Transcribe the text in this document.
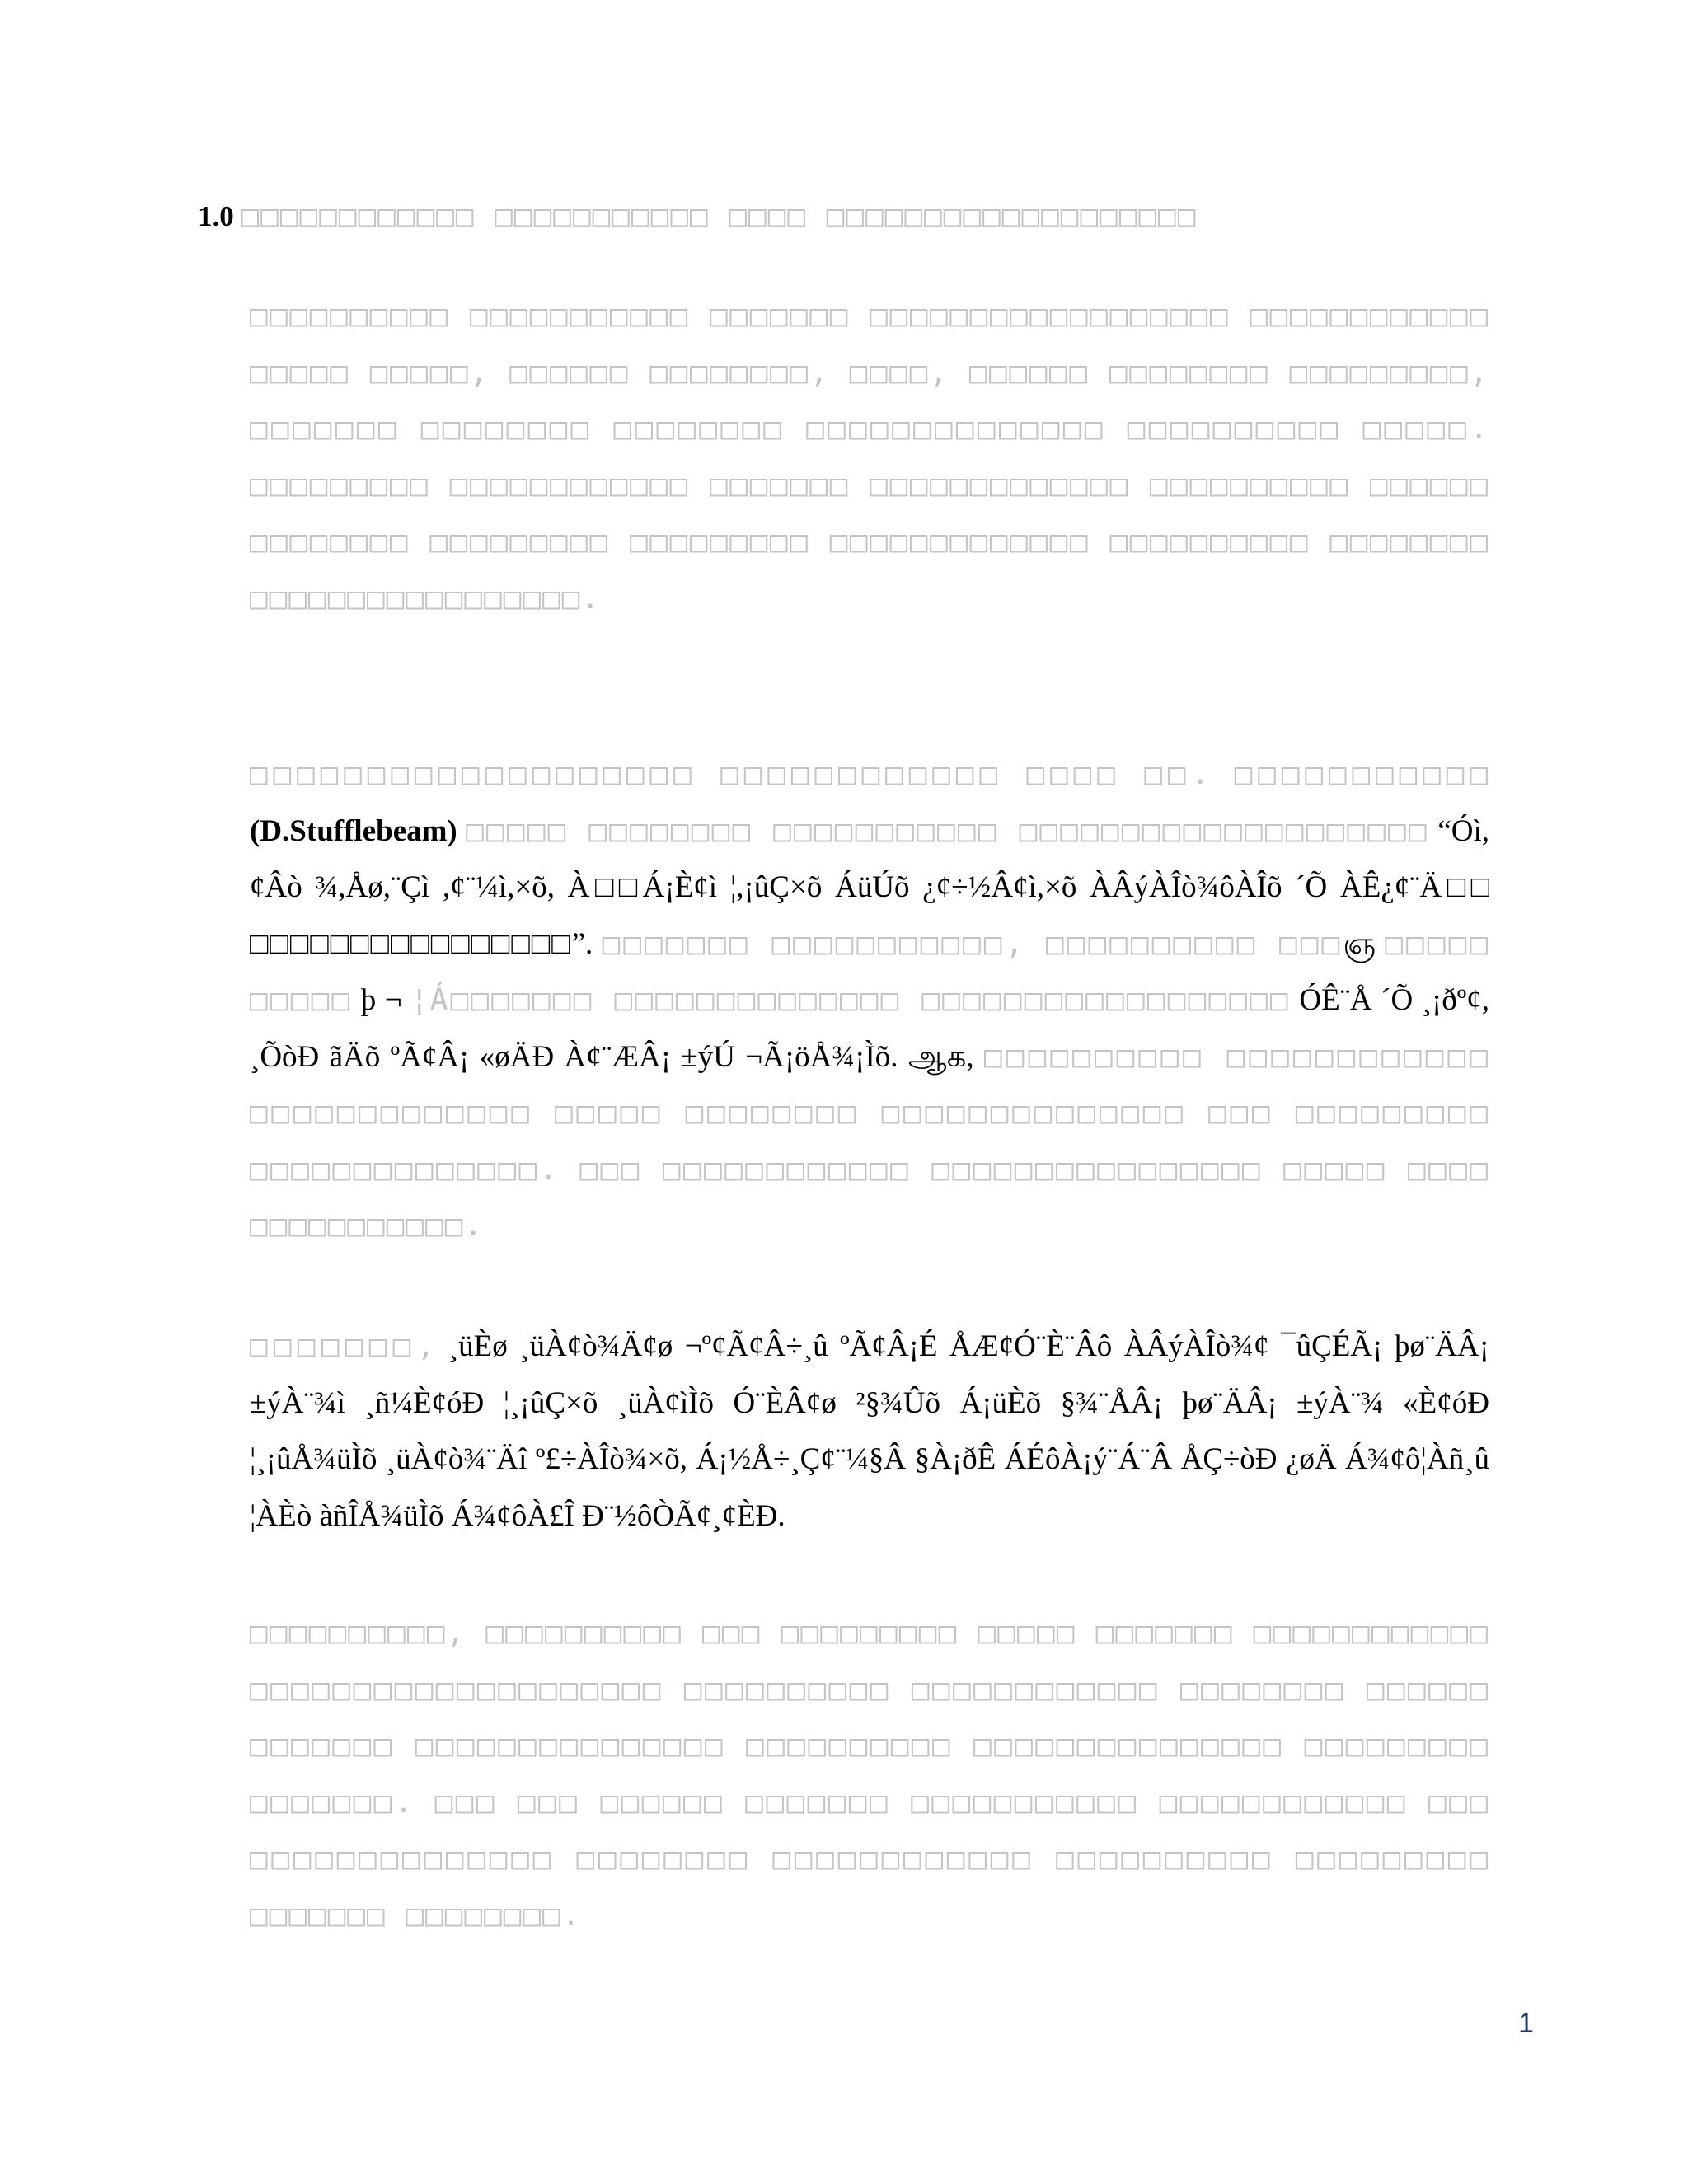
1.0 □□□□□□□□□□□□ □□□□□□□□□□□ □□□□ □□□□□□□□□□□□□□□□□□□

□□□□□□□□□□ □□□□□□□□□□□ □□□□□□□ □□□□□□□□□□□□□□□□□□ □□□□□□□□□□□□ □□□□□ □□□□□, □□□□□□ □□□□□□□□, □□□□, □□□□□□ □□□□□□□□ □□□□□□□□□, □□□□□□□ □□□□□□□□ □□□□□□□□ □□□□□□□□□□□□□□ □□□□□□□□□□ □□□□□. □□□□□□□□□ □□□□□□□□□□□□ □□□□□□□ □□□□□□□□□□□□□ □□□□□□□□□□ □□□□□□ □□□□□□□□ □□□□□□□□□ □□□□□□□□□ □□□□□□□□□□□□□ □□□□□□□□□□ □□□□□□□□ □□□□□□□□□□□□□□□□□.

□□□□□□□□□□□□□□□□□□□ □□□□□□□□□□□□ □□□□ □□. □□□□□□□□□□□ (D.Stufflebeam) □□□□□ □□□□□□□□ □□□□□□□□□□□ □□□□□□□□□□□□□□□□□□□□ “Óì,¢Âò ¾,Åø,¨Çì ,¢¨¼ì,×õ, À□□Á¡È¢ì ¦,¡ûÇ×õ ÁüÚõ ¿¢÷½Â¢ì,×õ ÀÂýÀÎò¾ôÀÎõ ´Õ ÀÊ¿¢¨Ä□□ □□□□□□□□□□□□□□□□”. □□□□□□□ □□□□□□□□□□□, □□□□□□□□□□ □□□ஞ □□□□□ □□□□□ þ ¬ ¦Á□□□□□□□ □□□□□□□□□□□□□□ □□□□□□□□□□□□□□□□□□ ÓÊ¨Å ´Õ ¸¡ðº¢, ¸ÕòÐ ãÄõ ºÃ¢Â¡ «øÄÐ À¢¨ÆÂ¡ ±ýÚ ¬Ã¡öÅ¾¡Ìõ. ஆக, □□□□□□□□□□ □□□□□□□□□□□□ □□□□□□□□□□□□□ □□□□□ □□□□□□□□ □□□□□□□□□□□□□□ □□□ □□□□□□□□□ □□□□□□□□□□□□□□. □□□ □□□□□□□□□□□□ □□□□□□□□□□□□□□□□ □□□□□ □□□□ □□□□□□□□□□□.

□□□□□□□, ¸üÈø ¸üÀ¢ò¾Ä¢ø ¬º¢Ã¢Â÷¸û ºÃ¢Â¡É ÅÆ¢Ó¨È¨Âô ÀÂýÀÎò¾¢ ¯ûÇÉÃ¡ þø¨ÄÂ¡ ±ýÀ¨¾ì ¸ñ¼È¢óÐ ¦¸¡ûÇ×õ ¸üÀ¢ìÌõ Ó¨ÈÂ¢ø ²§¾Ûõ Á¡üÈõ §¾¨ÅÂ¡ þø¨ÄÂ¡ ±ýÀ¨¾ «È¢óÐ ¦¸¡ûÅ¾üÌõ ¸üÀ¢ò¾¨Äî º£÷ÀÎò¾×õ, Á¡½Å÷¸Ç¢¨¼§Â §À¡ðÊ ÁÉôÀ¡ý¨Á¨Â ÅÇ÷òÐ ¿øÄ Á¾¢ô¦Àñ¸û ¦ÀÈò àñÎÅ¾üÌõ Á¾¢ôÀ£Î Ð¨½ôÒÃ¢¸¢ÈÐ.

□□□□□□□□□□, □□□□□□□□□□ □□□ □□□□□□□□□ □□□□□ □□□□□□□ □□□□□□□□□□□□ □□□□□□□□□□□□□□□□□□□□ □□□□□□□□□□ □□□□□□□□□□□□ □□□□□□□□ □□□□□□ □□□□□□□ □□□□□□□□□□□□□□□ □□□□□□□□□□ □□□□□□□□□□□□□□□ □□□□□□□□□ □□□□□□□. □□□ □□□ □□□□□□ □□□□□□□ □□□□□□□□□□□ □□□□□□□□□□□□ □□□ □□□□□□□□□□□□□□ □□□□□□□□ □□□□□□□□□□□□ □□□□□□□□□□ □□□□□□□□□ □□□□□□□ □□□□□□□□.

1
